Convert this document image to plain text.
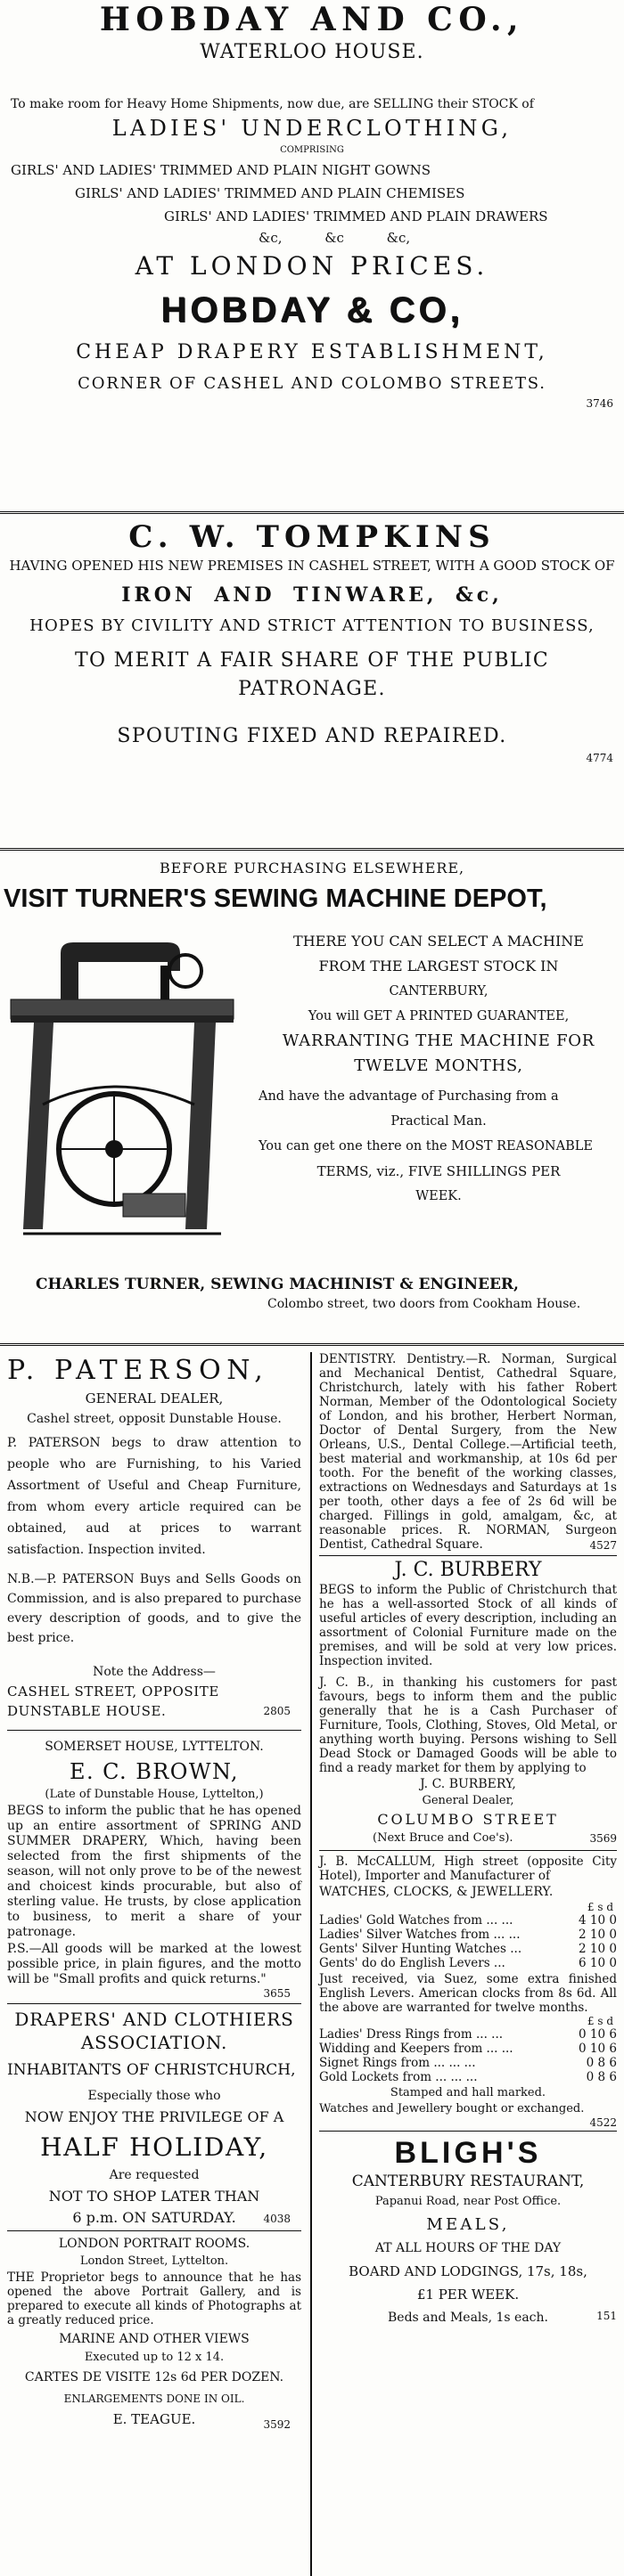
HOBDAY AND CO.,

WATERLOO HOUSE.

To make room for Heavy Home Shipments, now due, are SELLING their STOCK of

LADIES' UNDERCLOTHING,

COMPRISING

GIRLS' AND LADIES' TRIMMED AND PLAIN NIGHT GOWNS

GIRLS' AND LADIES' TRIMMED AND PLAIN CHEMISES

GIRLS' AND LADIES' TRIMMED AND PLAIN DRAWERS

&c,          &c          &c,

AT LONDON PRICES.

HOBDAY & CO,

CHEAP DRAPERY ESTABLISHMENT,

CORNER OF CASHEL AND COLOMBO STREETS.

3746

C. W. TOMPKINS

HAVING OPENED HIS NEW PREMISES IN CASHEL STREET, WITH A GOOD STOCK OF

IRON AND TINWARE, &c,

HOPES BY CIVILITY AND STRICT ATTENTION TO BUSINESS,

TO MERIT A FAIR SHARE OF THE PUBLIC PATRONAGE.

SPOUTING FIXED AND REPAIRED.

4774

BEFORE PURCHASING ELSEWHERE,

VISIT TURNER'S SEWING MACHINE DEPOT,

THERE YOU CAN SELECT A MACHINE

FROM THE LARGEST STOCK IN

CANTERBURY,

You will GET A PRINTED GUARANTEE,

WARRANTING THE MACHINE FOR

TWELVE MONTHS,

And have the advantage of Purchasing from a

Practical Man.

You can get one there on the MOST REASONABLE

TERMS, viz., FIVE SHILLINGS PER

WEEK.

CHARLES TURNER, SEWING MACHINIST & ENGINEER,

Colombo street, two doors from Cookham House.

P. PATERSON,

GENERAL DEALER,

Cashel street, opposit Dunstable House.

P. PATERSON begs to draw attention to people who are Furnishing, to his Varied Assortment of Useful and Cheap Furniture, from whom every article required can be obtained, aud at prices to warrant satisfaction. Inspection invited.

N.B.—P. PATERSON Buys and Sells Goods on Commission, and is also prepared to purchase every description of goods, and to give the best price.

Note the Address—

CASHEL STREET, OPPOSITE DUNSTABLE HOUSE.	2805

SOMERSET HOUSE, LYTTELTON.

E. C. BROWN,

(Late of Dunstable House, Lyttelton,)

BEGS to inform the public that he has opened up an entire assortment of SPRING AND SUMMER DRAPERY, Which, having been selected from the first shipments of the season, will not only prove to be of the newest and choicest kinds procurable, but also of sterling value. He trusts, by close application to business, to merit a share of your patronage.

P.S.—All goods will be marked at the lowest possible price, in plain figures, and the motto will be "Small profits and quick returns."

3655

DRAPERS' AND CLOTHIERS ASSOCIATION.

INHABITANTS OF CHRISTCHURCH,

Especially those who

NOW ENJOY THE PRIVILEGE OF A

HALF HOLIDAY,

Are requested

NOT TO SHOP LATER THAN

6 p.m. ON SATURDAY.	4038

LONDON PORTRAIT ROOMS.

London Street, Lyttelton.

THE Proprietor begs to announce that he has opened the above Portrait Gallery, and is prepared to execute all kinds of Photographs at a greatly reduced price.

MARINE AND OTHER VIEWS

Executed up to 12 x 14.

CARTES DE VISITE 12s 6d PER DOZEN.

ENLARGEMENTS DONE IN OIL.

E. TEAGUE.	3592

DENTISTRY. Dentistry.—R. Norman, Surgical and Mechanical Dentist, Cathedral Square, Christchurch, lately with his father Robert Norman, Member of the Odontological Society of London, and his brother, Herbert Norman, Doctor of Dental Surgery, from the New Orleans, U.S., Dental College.—Artificial teeth, best material and workmanship, at 10s 6d per tooth. For the benefit of the working classes, extractions on Wednesdays and Saturdays at 1s per tooth, other days a fee of 2s 6d will be charged. Fillings in gold, amalgam, &c, at reasonable prices. R. NORMAN, Surgeon Dentist, Cathedral Square.	4527

J. C. BURBERY

BEGS to inform the Public of Christchurch that he has a well-assorted Stock of all kinds of useful articles of every description, including an assortment of Colonial Furniture made on the premises, and will be sold at very low prices. Inspection invited.

J. C. B., in thanking his customers for past favours, begs to inform them and the public generally that he is a Cash Purchaser of Furniture, Tools, Clothing, Stoves, Old Metal, or anything worth buying. Persons wishing to Sell Dead Stock or Damaged Goods will be able to find a ready market for them by applying to

J. C. BURBERY,

General Dealer,

COLUMBO STREET

(Next Bruce and Coe's).	3569

J. B. McCALLUM, High street (opposite City Hotel), Importer and Manufacturer of

WATCHES, CLOCKS, & JEWELLERY.

£ s d

Ladies' Gold Watches from ... ...	4 10 0
Ladies' Silver Watches from ... ...	2 10 0
Gents' Silver Hunting Watches ...	2 10 0
Gents' do do English Levers ...	6 10 0

Just received, via Suez, some extra finished English Levers. American clocks from 8s 6d. All the above are warranted for twelve months.

£ s d

Ladies' Dress Rings from ... ...	0 10 6
Widding and Keepers from ... ...	0 10 6
Signet Rings from ... ... ...	0 8 6
Gold Lockets from ... ... ...	0 8 6

Stamped and hall marked.

Watches and Jewellery bought or exchanged.

4522

BLIGH'S

CANTERBURY RESTAURANT,

Papanui Road, near Post Office.

MEALS,

AT ALL HOURS OF THE DAY

BOARD AND LODGINGS, 17s, 18s,

£1 PER WEEK.

Beds and Meals, 1s each.	151
